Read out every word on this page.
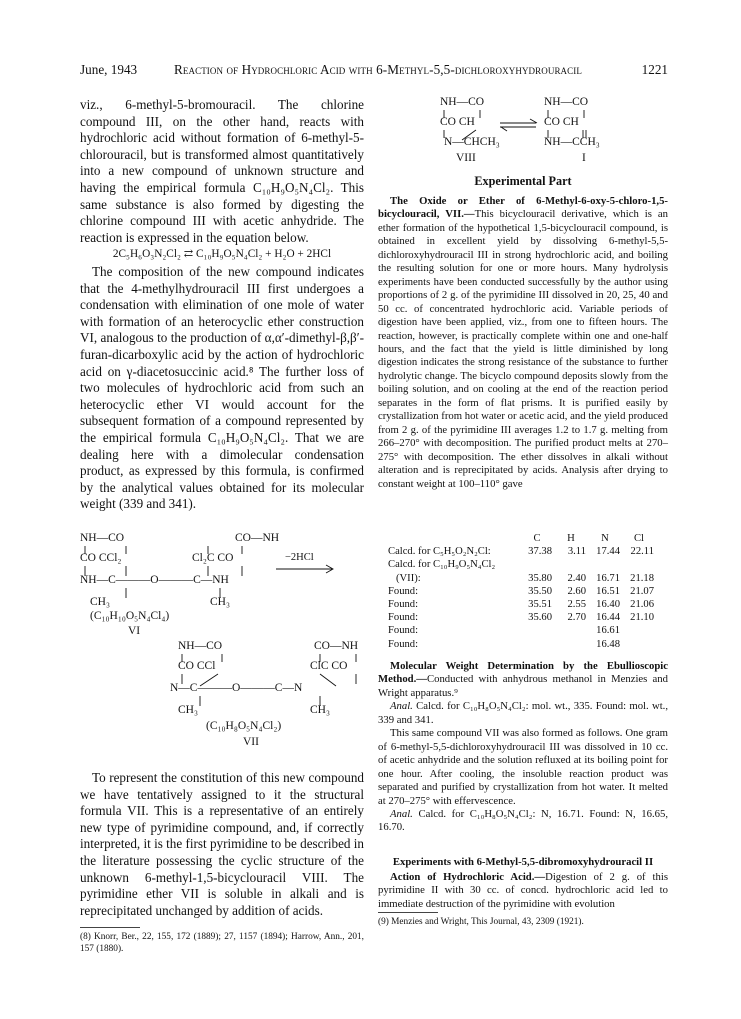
June, 1943	Reaction of Hydrochloric Acid with 6-Methyl-5,5-dichloroxyhydrouracil	1221

viz., 6-methyl-5-bromouracil. The chlorine compound III, on the other hand, reacts with hydrochloric acid without formation of 6-methyl-5-chlorouracil, but is transformed almost quantitatively into a new compound of unknown structure and having the empirical formula C₁₀H₉O₅N₄Cl₂. This same substance is also formed by digesting the chlorine compound III with acetic anhydride. The reaction is expressed in the equation below.

2C₅H₆O₃N₂Cl₂ ⇄ C₁₀H₉O₅N₄Cl₂ + H₂O + 2HCl

The composition of the new compound indicates that the 4-methylhydrouracil III first undergoes a condensation with elimination of one mole of water with formation of an heterocyclic ether construction VI, analogous to the production of α,α′-dimethyl-β,β′-furan-dicarboxylic acid by the action of hydrochloric acid on γ-diacetosuccinic acid.⁸ The further loss of two molecules of hydrochloric acid from such an heterocyclic ether VI would account for the subsequent formation of a compound represented by the empirical formula C₁₀H₉O₅N₄Cl₂. That we are dealing here with a dimolecular condensation product, as expressed by this formula, is confirmed by the analytical values obtained for its molecular weight (339 and 341).

NH—CO
CO CCl₂
NH—C———O———C—NH
CH₃
CO—NH
Cl₂C CO	−2HCl
CH₃
(C₁₀H₁₀O₅N₄Cl₄)
VI
NH—CO
CO CCl
N—C———O———C—N
CH₃
CO—NH
ClC CO
CH₃
(C₁₀H₈O₅N₄Cl₂)
VII

To represent the constitution of this new compound we have tentatively assigned to it the structural formula VII. This is a representative of an entirely new type of pyrimidine compound, and, if correctly interpreted, it is the first pyrimidine to be described in the literature possessing the cyclic structure of the unknown 6-methyl-1,5-bicyclouracil VIII. The pyrimidine ether VII is soluble in alkali and is reprecipitated unchanged by addition of acids.

(8) Knorr, Ber., 22, 155, 172 (1889); 27, 1157 (1894); Harrow, Ann., 201, 157 (1880).
NH—CO	NH—CO
CO CH	CO CH
N—CHCH₃	NH—CCH₃
VIII	I
Experimental Part

The Oxide or Ether of 6-Methyl-6-oxy-5-chloro-1,5-bicyclouracil, VII.—This bicyclouracil derivative, which is an ether formation of the hypothetical 1,5-bicyclouracil compound, is obtained in excellent yield by dissolving 6-methyl-5,5-dichloroxyhydrouracil III in strong hydrochloric acid, and boiling the resulting solution for one or more hours. Many hydrolysis experiments have been conducted successfully by the author using proportions of 2 g. of the pyrimidine III dissolved in 20, 25, 40 and 50 cc. of concentrated hydrochloric acid. Variable periods of digestion have been applied, viz., from one to fifteen hours. The reaction, however, is practically complete within one and one-half hours, and the fact that the yield is little diminished by long digestion indicates the strong resistance of the substance to further hydrolytic change. The bicyclo compound deposits slowly from the boiling solution, and on cooling at the end of the reaction period separates in the form of flat prisms. It is purified easily by crystallization from hot water or acetic acid, and the yield produced from 2 g. of the pyrimidine III averages 1.2 to 1.7 g. melting from 266–270° with decomposition. The purified product melts at 270–275° with decomposition. The ether dissolves in alkali without alteration and is reprecipitated by acids. Analysis after drying to constant weight at 100–110° gave

	C	H	N	Cl
Calcd. for C₅H₅O₂N₂Cl:	37.38	3.11	17.44	22.11
Calcd. for C₁₀H₉O₅N₄Cl₂				
(VII):	35.80	2.40	16.71	21.18
Found:	35.50	2.60	16.51	21.07
Found:	35.51	2.55	16.40	21.06
Found:	35.60	2.70	16.44	21.10
Found:			16.61	
Found:			16.48	

Molecular Weight Determination by the Ebullioscopic Method.—Conducted with anhydrous methanol in Menzies and Wright apparatus.⁹

Anal. Calcd. for C₁₀H₈O₅N₄Cl₂: mol. wt., 335. Found: mol. wt., 339 and 341.

This same compound VII was also formed as follows. One gram of 6-methyl-5,5-dichloroxyhydrouracil III was dissolved in 10 cc. of acetic anhydride and the solution refluxed at its boiling point for one hour. After cooling, the insoluble reaction product was separated and purified by crystallization from hot water. It melted at 270–275° with effervescence.

Anal. Calcd. for C₁₀H₈O₅N₄Cl₂: N, 16.71. Found: N, 16.65, 16.70.

Experiments with 6-Methyl-5,5-dibromoxyhydrouracil II

Action of Hydrochloric Acid.—Digestion of 2 g. of this pyrimidine II with 30 cc. of concd. hydrochloric acid led to immediate destruction of the pyrimidine with evolution

(9) Menzies and Wright, This Journal, 43, 2309 (1921).
